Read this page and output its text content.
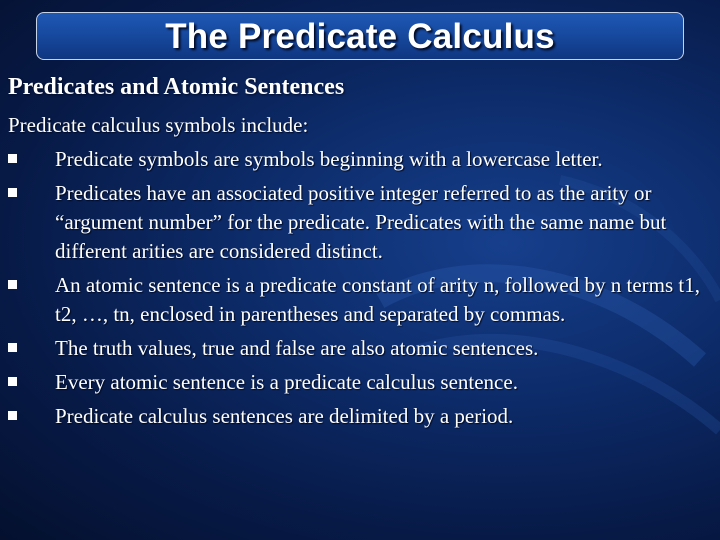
The Predicate Calculus
Predicates and Atomic Sentences

Predicate calculus symbols include:

Predicate symbols are symbols beginning with a lowercase letter.
Predicates have an associated positive integer referred to as the arity or “argument number” for the predicate. Predicates with the same name but different arities are considered distinct.
An atomic sentence is a predicate constant of arity n, followed by n terms t1, t2, …, tn, enclosed in parentheses and separated by commas.
The truth values, true and false are also atomic sentences.
Every atomic sentence is a predicate calculus sentence.
Predicate calculus sentences are delimited by a period.
